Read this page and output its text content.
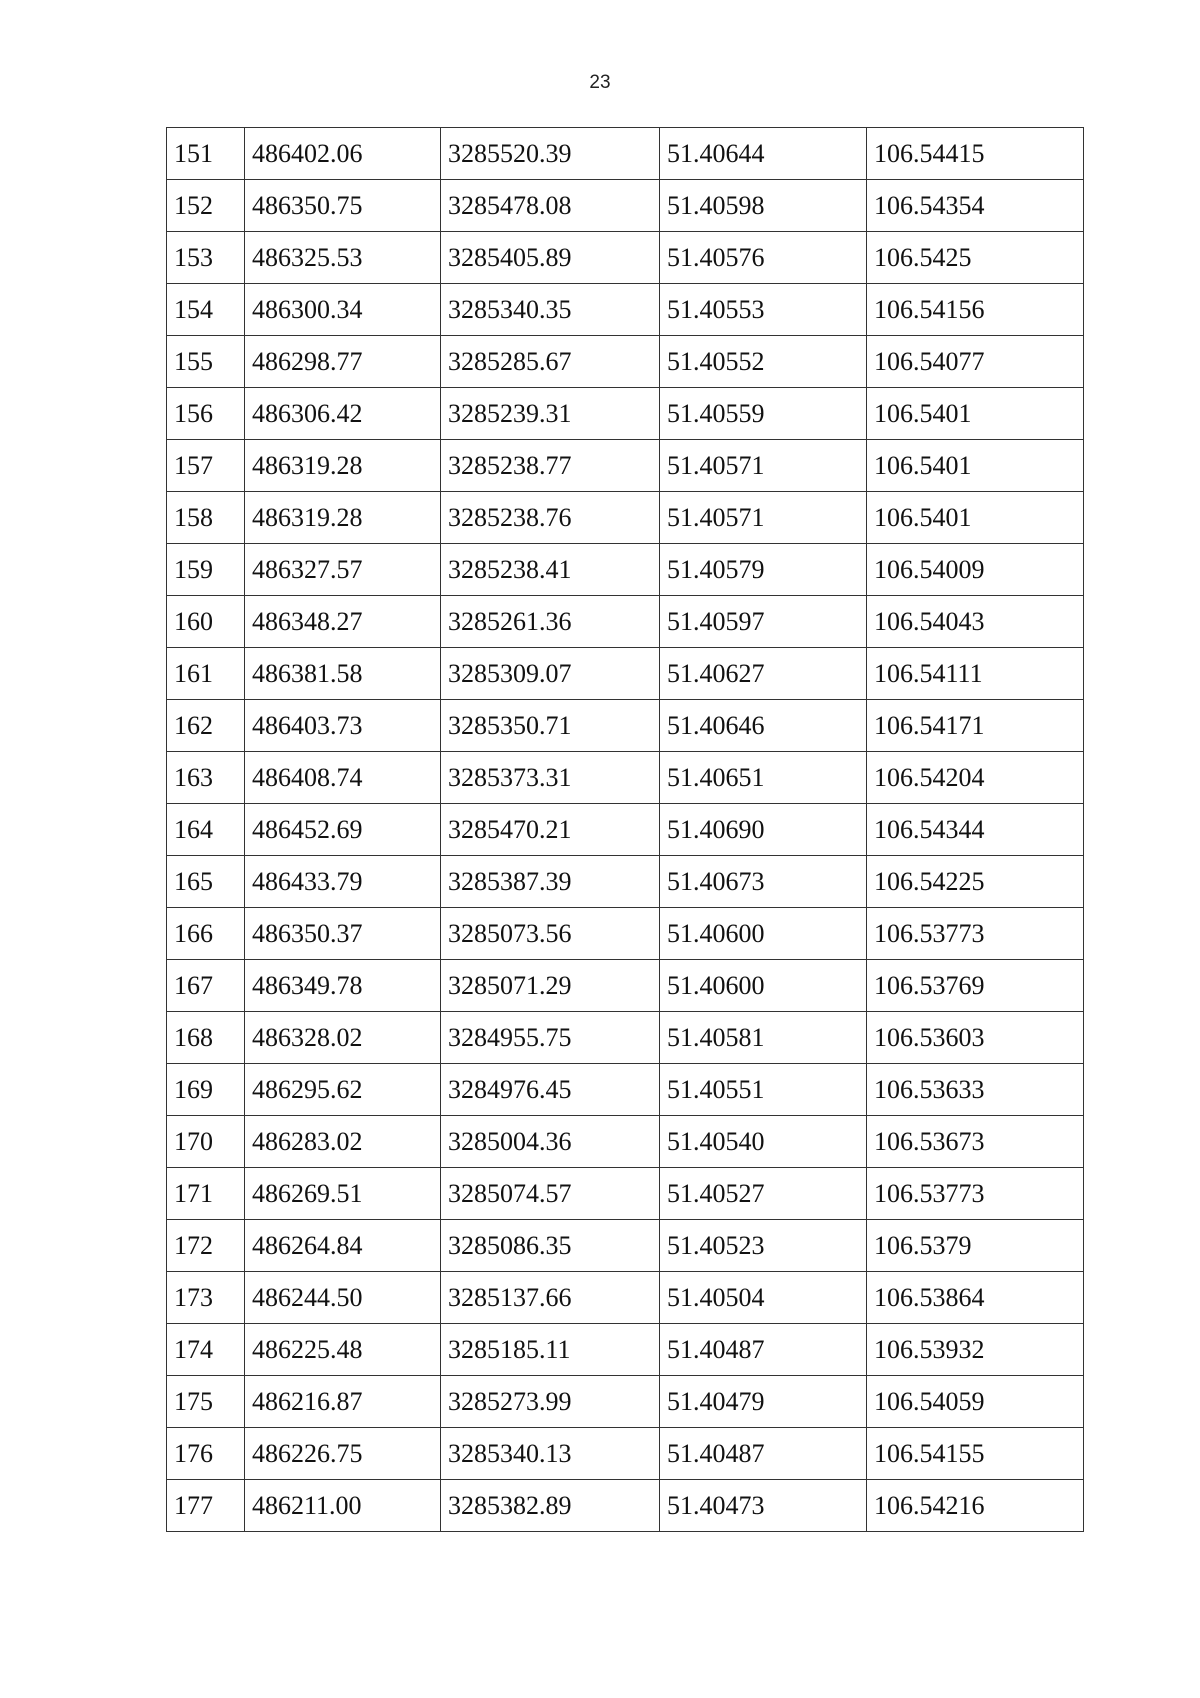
23
151	486402.06	3285520.39	51.40644	106.54415
152	486350.75	3285478.08	51.40598	106.54354
153	486325.53	3285405.89	51.40576	106.5425
154	486300.34	3285340.35	51.40553	106.54156
155	486298.77	3285285.67	51.40552	106.54077
156	486306.42	3285239.31	51.40559	106.5401
157	486319.28	3285238.77	51.40571	106.5401
158	486319.28	3285238.76	51.40571	106.5401
159	486327.57	3285238.41	51.40579	106.54009
160	486348.27	3285261.36	51.40597	106.54043
161	486381.58	3285309.07	51.40627	106.54111
162	486403.73	3285350.71	51.40646	106.54171
163	486408.74	3285373.31	51.40651	106.54204
164	486452.69	3285470.21	51.40690	106.54344
165	486433.79	3285387.39	51.40673	106.54225
166	486350.37	3285073.56	51.40600	106.53773
167	486349.78	3285071.29	51.40600	106.53769
168	486328.02	3284955.75	51.40581	106.53603
169	486295.62	3284976.45	51.40551	106.53633
170	486283.02	3285004.36	51.40540	106.53673
171	486269.51	3285074.57	51.40527	106.53773
172	486264.84	3285086.35	51.40523	106.5379
173	486244.50	3285137.66	51.40504	106.53864
174	486225.48	3285185.11	51.40487	106.53932
175	486216.87	3285273.99	51.40479	106.54059
176	486226.75	3285340.13	51.40487	106.54155
177	486211.00	3285382.89	51.40473	106.54216
